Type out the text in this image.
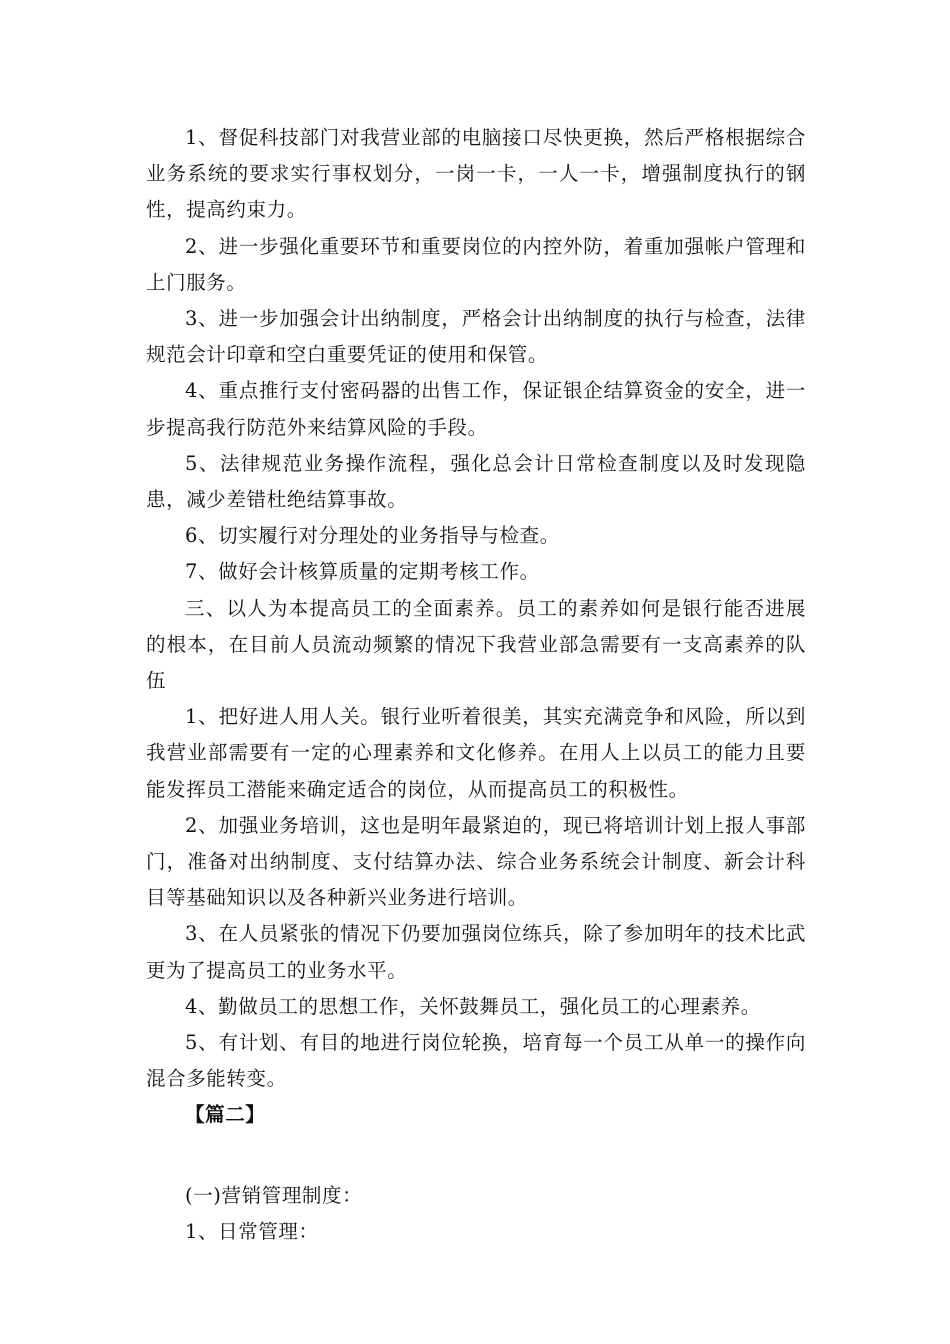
1、督促科技部门对我营业部的电脑接口尽快更换，然后严格根据综合业务系统的要求实行事权划分，一岗一卡，一人一卡，增强制度执行的钢性，提高约束力。

2、进一步强化重要环节和重要岗位的内控外防，着重加强帐户管理和上门服务。

3、进一步加强会计出纳制度，严格会计出纳制度的执行与检查，法律规范会计印章和空白重要凭证的使用和保管。

4、重点推行支付密码器的出售工作，保证银企结算资金的安全，进一步提高我行防范外来结算风险的手段。

5、法律规范业务操作流程，强化总会计日常检查制度以及时发现隐患，减少差错杜绝结算事故。

6、切实履行对分理处的业务指导与检查。

7、做好会计核算质量的定期考核工作。

三、以人为本提高员工的全面素养。员工的素养如何是银行能否进展的根本，在目前人员流动频繁的情况下我营业部急需要有一支高素养的队伍

1、把好进人用人关。银行业听着很美，其实充满竞争和风险，所以到我营业部需要有一定的心理素养和文化修养。在用人上以员工的能力且要能发挥员工潜能来确定适合的岗位，从而提高员工的积极性。

2、加强业务培训，这也是明年最紧迫的，现已将培训计划上报人事部门，准备对出纳制度、支付结算办法、综合业务系统会计制度、新会计科目等基础知识以及各种新兴业务进行培训。

3、在人员紧张的情况下仍要加强岗位练兵，除了参加明年的技术比武更为了提高员工的业务水平。

4、勤做员工的思想工作，关怀鼓舞员工，强化员工的心理素养。

5、有计划、有目的地进行岗位轮换，培育每一个员工从单一的操作向混合多能转变。

【篇二】

(一)营销管理制度：

1、日常管理：
